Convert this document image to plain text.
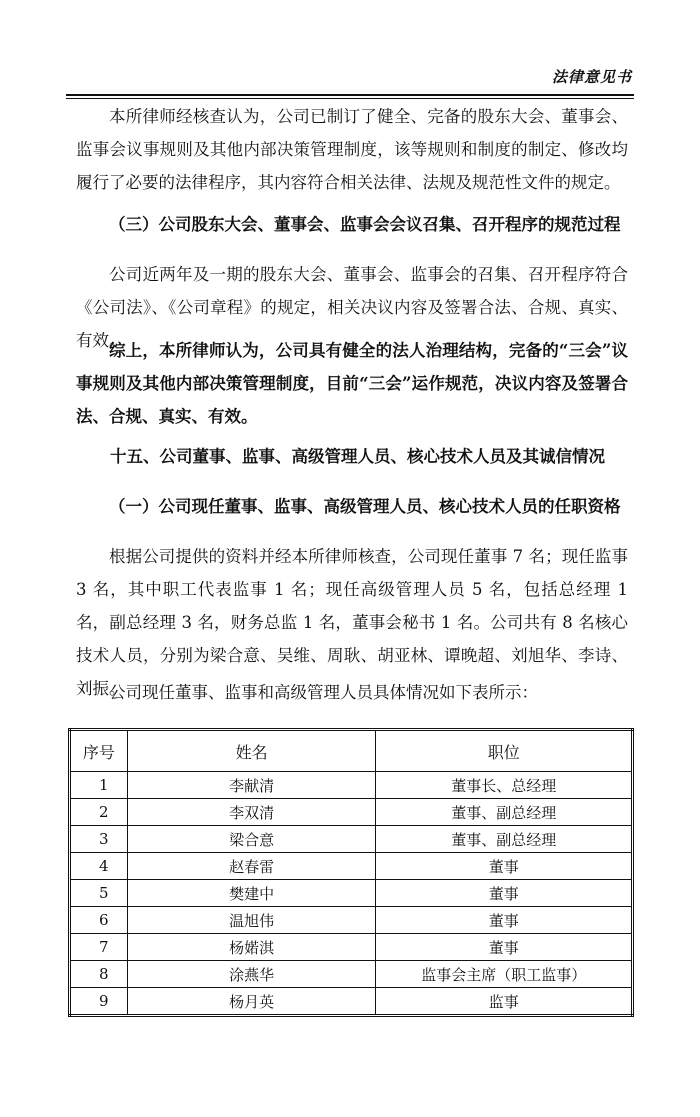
法律意见书

本所律师经核查认为，公司已制订了健全、完备的股东大会、董事会、监事会议事规则及其他内部决策管理制度，该等规则和制度的制定、修改均履行了必要的法律程序，其内容符合相关法律、法规及规范性文件的规定。

（三）公司股东大会、董事会、监事会会议召集、召开程序的规范过程

公司近两年及一期的股东大会、董事会、监事会的召集、召开程序符合《公司法》、《公司章程》的规定，相关决议内容及签署合法、合规、真实、有效。

综上，本所律师认为，公司具有健全的法人治理结构，完备的“三会”议事规则及其他内部决策管理制度，目前“三会”运作规范，决议内容及签署合法、合规、真实、有效。

十五、公司董事、监事、高级管理人员、核心技术人员及其诚信情况

（一）公司现任董事、监事、高级管理人员、核心技术人员的任职资格

根据公司提供的资料并经本所律师核查，公司现任董事 7 名；现任监事 3 名，其中职工代表监事 1 名；现任高级管理人员 5 名，包括总经理 1 名，副总经理 3 名，财务总监 1 名，董事会秘书 1 名。公司共有 8 名核心技术人员，分别为梁合意、吴维、周耿、胡亚林、谭晚超、刘旭华、李诗、刘振。

公司现任董事、监事和高级管理人员具体情况如下表所示：

序号	姓名	职位
1	李献清	董事长、总经理
2	李双清	董事、副总经理
3	梁合意	董事、副总经理
4	赵春雷	董事
5	樊建中	董事
6	温旭伟	董事
7	杨婼淇	董事
8	涂燕华	监事会主席（职工监事）
9	杨月英	监事
